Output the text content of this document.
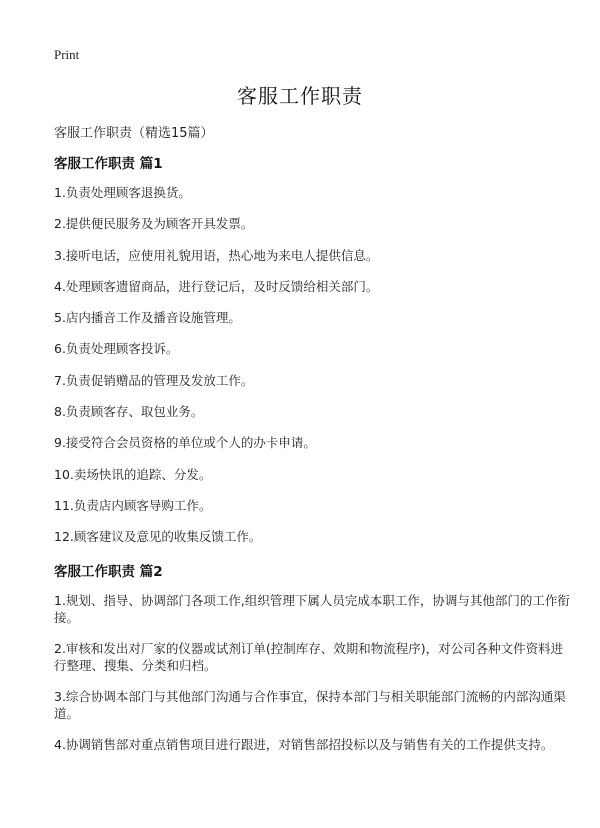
Print
客服工作职责
客服工作职责（精选15篇）
客服工作职责 篇1
1.负责处理顾客退换货。
2.提供便民服务及为顾客开具发票。
3.接听电话，应使用礼貌用语，热心地为来电人提供信息。
4.处理顾客遗留商品，进行登记后，及时反馈给相关部门。
5.店内播音工作及播音设施管理。
6.负责处理顾客投诉。
7.负责促销赠品的管理及发放工作。
8.负责顾客存、取包业务。
9.接受符合会员资格的单位或个人的办卡申请。
10.卖场快讯的追踪、分发。
11.负责店内顾客导购工作。
12.顾客建议及意见的收集反馈工作。
客服工作职责 篇2
1.规划、指导、协调部门各项工作,组织管理下属人员完成本职工作，协调与其他部门的工作衔接。
2.审核和发出对厂家的仪器或试剂订单(控制库存、效期和物流程序)，对公司各种文件资料进行整理、搜集、分类和归档。
3.综合协调本部门与其他部门沟通与合作事宜，保持本部门与相关职能部门流畅的内部沟通渠道。
4.协调销售部对重点销售项目进行跟进，对销售部招投标以及与销售有关的工作提供支持。
